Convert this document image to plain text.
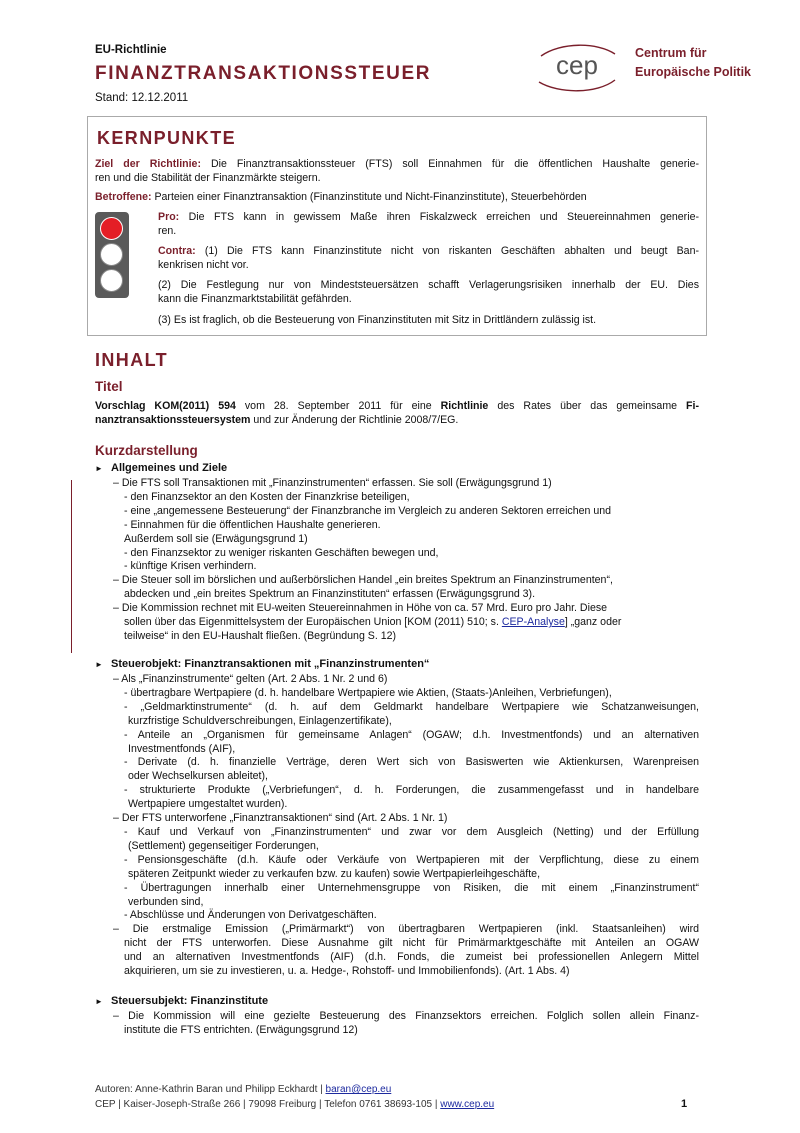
EU-Richtlinie
FINANZTRANSAKTIONSSTEUER
Stand: 12.12.2011
cep	Centrum für
Europäische Politik
KERNPUNKTE
Ziel der Richtlinie: Die Finanztransaktionssteuer (FTS) soll Einnahmen für die öffentlichen Haushalte generie-
ren und die Stabilität der Finanzmärkte steigern.
Betroffene: Parteien einer Finanztransaktion (Finanzinstitute und Nicht-Finanzinstitute), Steuerbehörden
Pro: Die FTS kann in gewissem Maße ihren Fiskalzweck erreichen und Steuereinnahmen generie-
ren.
Contra: (1) Die FTS kann Finanzinstitute nicht von riskanten Geschäften abhalten und beugt Ban-
kenkrisen nicht vor.
(2) Die Festlegung nur von Mindeststeuersätzen schafft Verlagerungsrisiken innerhalb der EU. Dies
kann die Finanzmarktstabilität gefährden.
(3) Es ist fraglich, ob die Besteuerung von Finanzinstituten mit Sitz in Drittländern zulässig ist.
INHALT
Titel
Vorschlag KOM(2011) 594 vom 28. September 2011 für eine Richtlinie des Rates über das gemeinsame Fi-
nanztransaktionssteuersystem und zur Änderung der Richtlinie 2008/7/EG.
Kurzdarstellung
► Allgemeines und Ziele
– Die FTS soll Transaktionen mit „Finanzinstrumenten“ erfassen. Sie soll (Erwägungsgrund 1)
- den Finanzsektor an den Kosten der Finanzkrise beteiligen,
- eine „angemessene Besteuerung“ der Finanzbranche im Vergleich zu anderen Sektoren erreichen und
- Einnahmen für die öffentlichen Haushalte generieren.
Außerdem soll sie (Erwägungsgrund 1)
- den Finanzsektor zu weniger riskanten Geschäften bewegen und,
- künftige Krisen verhindern.
– Die Steuer soll im börslichen und außerbörslichen Handel „ein breites Spektrum an Finanzinstrumenten“,
abdecken und „ein breites Spektrum an Finanzinstituten“ erfassen (Erwägungsgrund 3).
– Die Kommission rechnet mit EU-weiten Steuereinnahmen in Höhe von ca. 57 Mrd. Euro pro Jahr. Diese
sollen über das Eigenmittelsystem der Europäischen Union [KOM (2011) 510; s. CEP-Analyse] „ganz oder
teilweise“ in den EU-Haushalt fließen. (Begründung S. 12)
► Steuerobjekt: Finanztransaktionen mit „Finanzinstrumenten“
– Als „Finanzinstrumente“ gelten (Art. 2 Abs. 1 Nr. 2 und 6)
- übertragbare Wertpapiere (d. h. handelbare Wertpapiere wie Aktien, (Staats-)Anleihen, Verbriefungen),
- „Geldmarktinstrumente“ (d. h. auf dem Geldmarkt handelbare Wertpapiere wie Schatzanweisungen,
kurzfristige Schuldverschreibungen, Einlagenzertifikate),
- Anteile an „Organismen für gemeinsame Anlagen“ (OGAW; d.h. Investmentfonds) und an alternativen
Investmentfonds (AIF),
- Derivate (d. h. finanzielle Verträge, deren Wert sich von Basiswerten wie Aktienkursen, Warenpreisen
oder Wechselkursen ableitet),
- strukturierte Produkte („Verbriefungen“, d. h. Forderungen, die zusammengefasst und in handelbare
Wertpapiere umgestaltet wurden).
– Der FTS unterworfene „Finanztransaktionen“ sind (Art. 2 Abs. 1 Nr. 1)
- Kauf und Verkauf von „Finanzinstrumenten“ und zwar vor dem Ausgleich (Netting) und der Erfüllung
(Settlement) gegenseitiger Forderungen,
- Pensionsgeschäfte (d.h. Käufe oder Verkäufe von Wertpapieren mit der Verpflichtung, diese zu einem
späteren Zeitpunkt wieder zu verkaufen bzw. zu kaufen) sowie Wertpapierleihgeschäfte,
- Übertragungen innerhalb einer Unternehmensgruppe von Risiken, die mit einem „Finanzinstrument“
verbunden sind,
- Abschlüsse und Änderungen von Derivatgeschäften.
– Die erstmalige Emission („Primärmarkt“) von übertragbaren Wertpapieren (inkl. Staatsanleihen) wird
nicht der FTS unterworfen. Diese Ausnahme gilt nicht für Primärmarktgeschäfte mit Anteilen an OGAW
und an alternativen Investmentfonds (AIF) (d.h. Fonds, die zumeist bei professionellen Anlegern Mittel
akquirieren, um sie zu investieren, u. a. Hedge-, Rohstoff- und Immobilienfonds). (Art. 1 Abs. 4)
► Steuersubjekt: Finanzinstitute
– Die Kommission will eine gezielte Besteuerung des Finanzsektors erreichen. Folglich sollen allein Finanz-
institute die FTS entrichten. (Erwägungsgrund 12)
Autoren: Anne-Kathrin Baran und Philipp Eckhardt | baran@cep.eu
CEP | Kaiser-Joseph-Straße 266 | 79098 Freiburg | Telefon 0761 38693-105 | www.cep.eu	1
